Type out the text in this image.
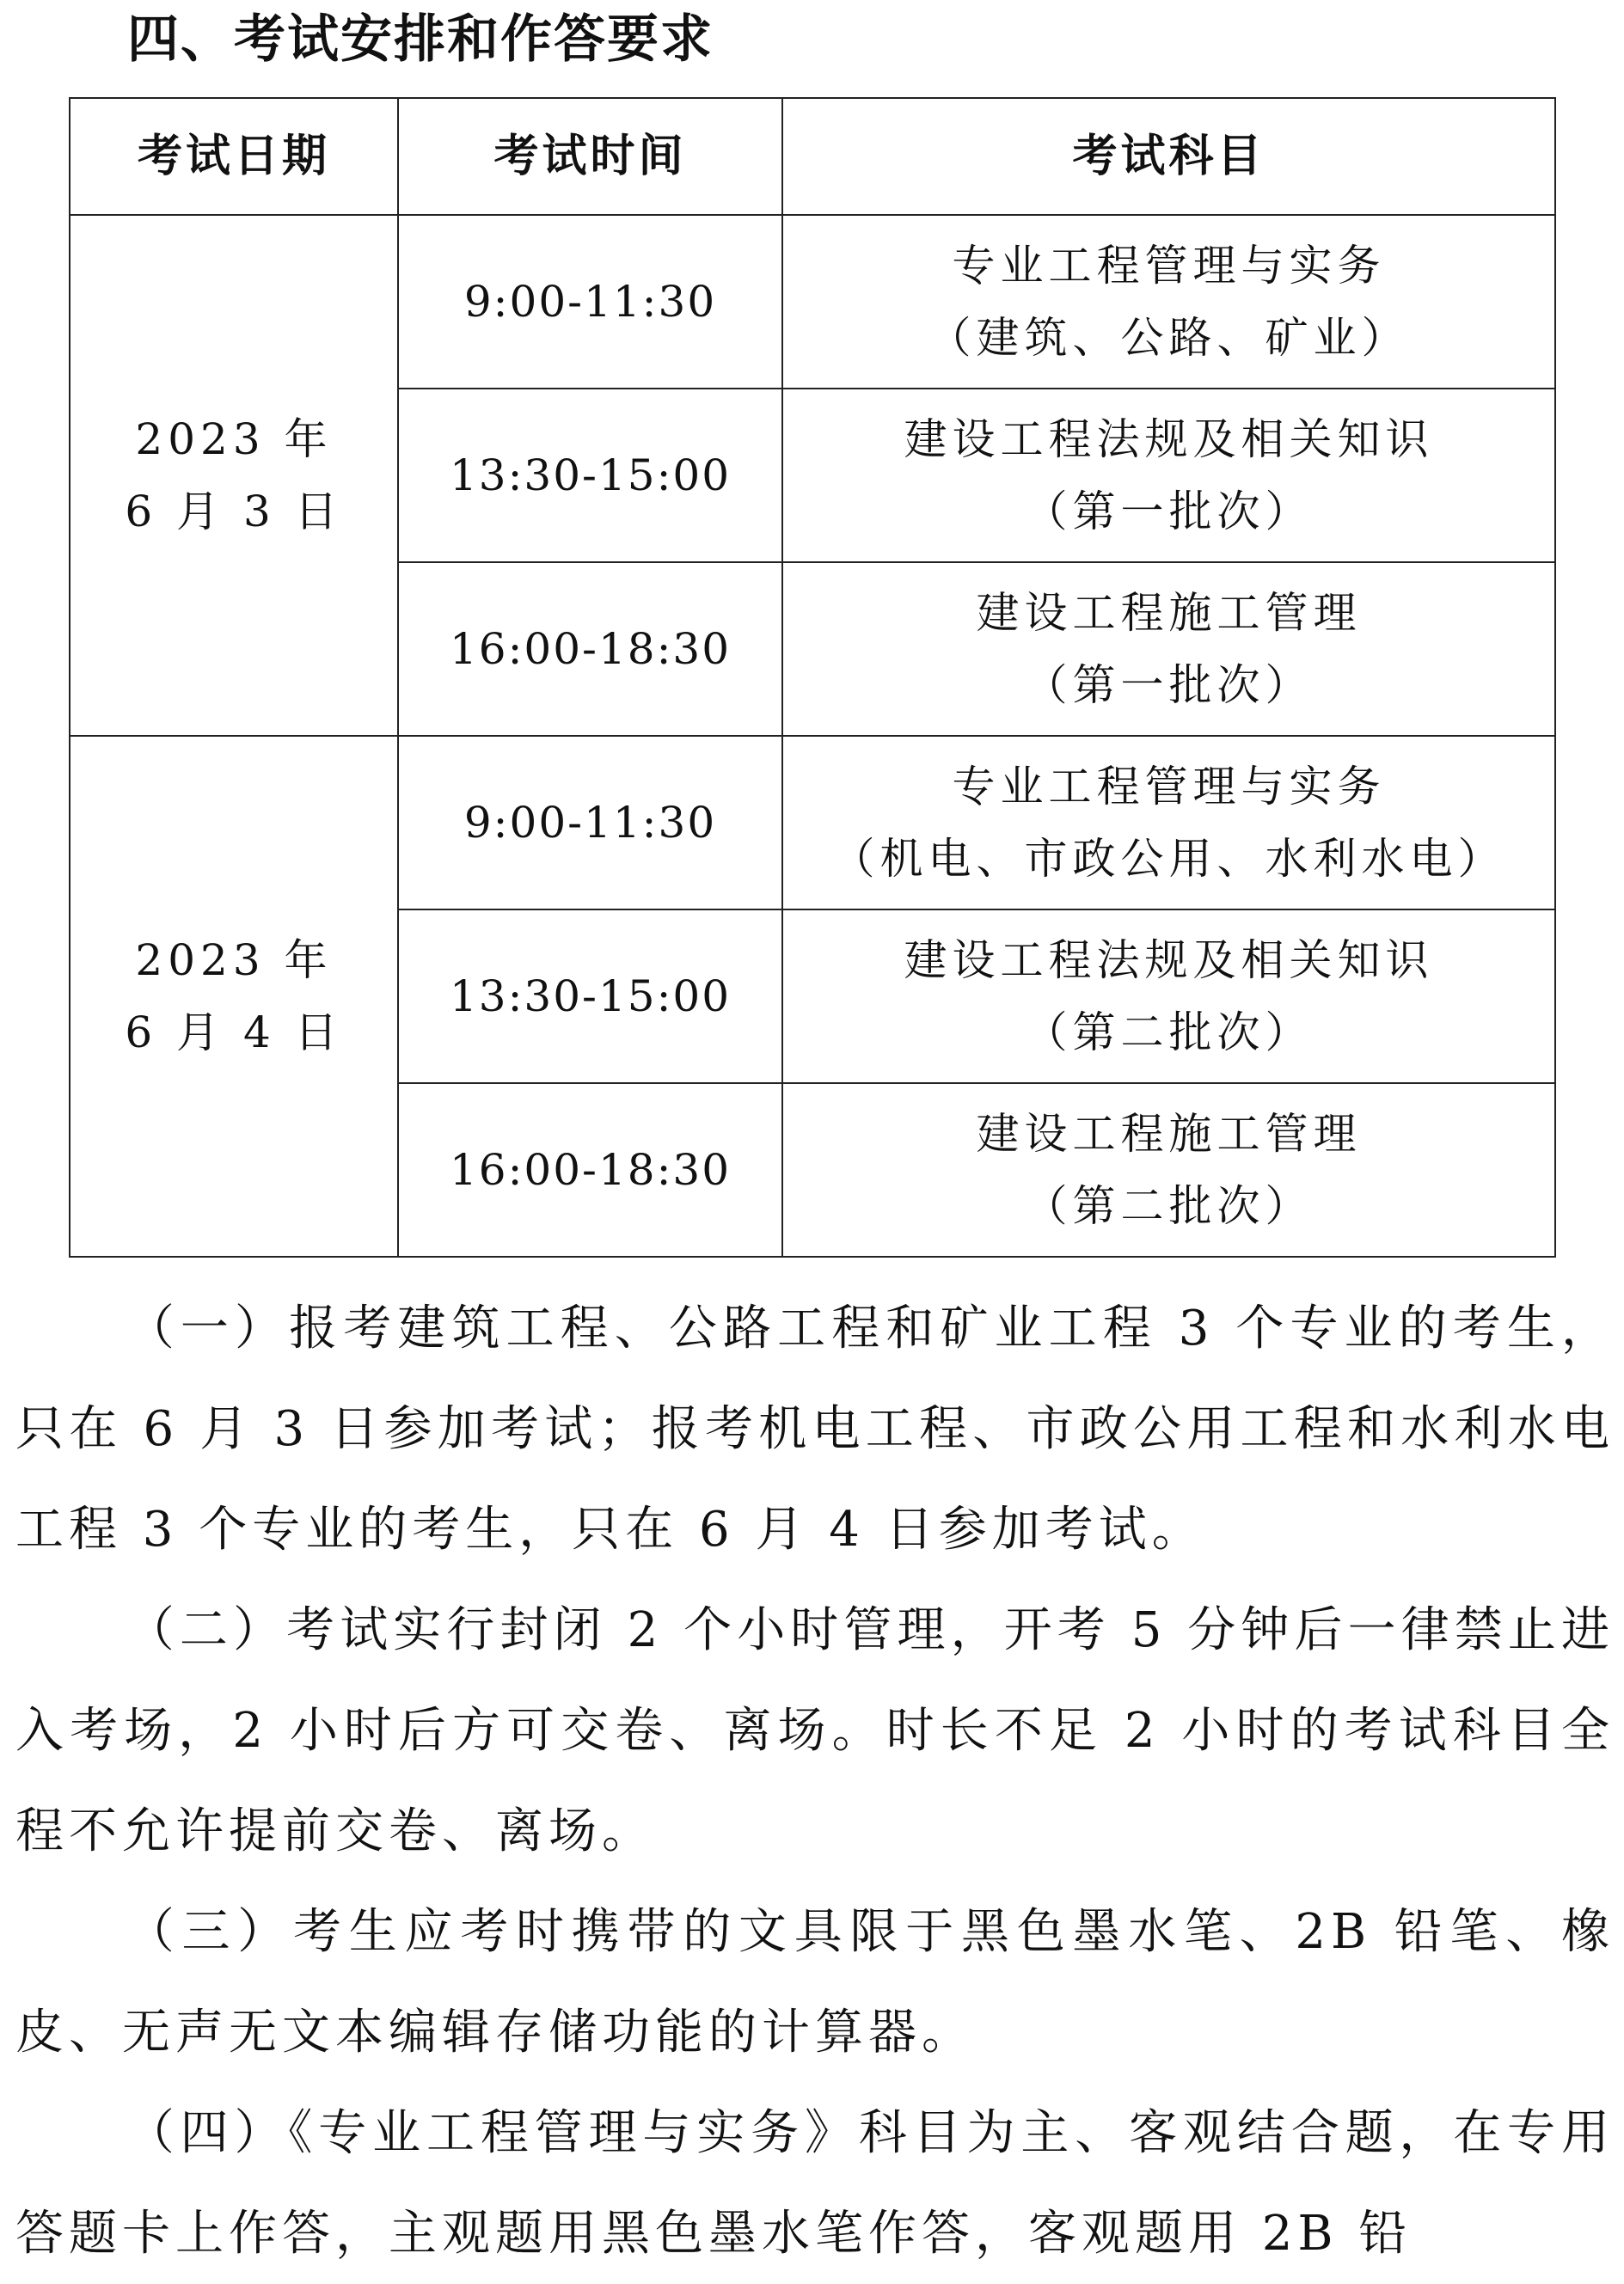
四、考试安排和作答要求
考试日期	考试时间	考试科目

2023 年
6 月 3 日	9:00-11:30	专业工程管理与实务
（建筑、公路、矿业）

	13:30-15:00	建设工程法规及相关知识
（第一批次）

	16:00-18:30	建设工程施工管理
（第一批次）

2023 年
6 月 4 日	9:00-11:30	专业工程管理与实务
（机电、市政公用、水利水电）

	13:30-15:00	建设工程法规及相关知识
（第二批次）

	16:00-18:30	建设工程施工管理
（第二批次）

（一）报考建筑工程、公路工程和矿业工程 3 个专业的考生，只在 6 月 3 日参加考试；报考机电工程、市政公用工程和水利水电工程 3 个专业的考生，只在 6 月 4 日参加考试。

（二）考试实行封闭 2 个小时管理，开考 5 分钟后一律禁止进入考场，2 小时后方可交卷、离场。时长不足 2 小时的考试科目全程不允许提前交卷、离场。

（三）考生应考时携带的文具限于黑色墨水笔、2B 铅笔、橡皮、无声无文本编辑存储功能的计算器。

（四）《专业工程管理与实务》科目为主、客观结合题，在专用答题卡上作答，主观题用黑色墨水笔作答，客观题用 2B 铅
